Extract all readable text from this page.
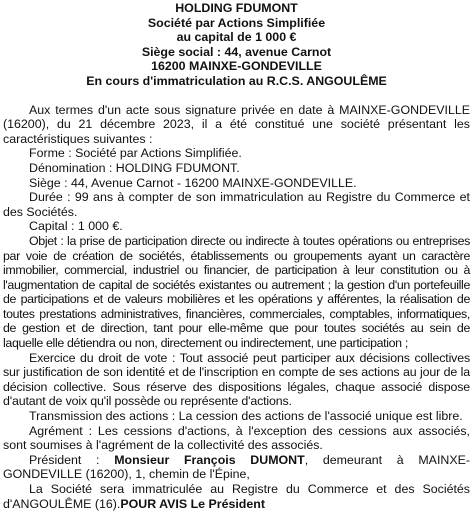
HOLDING FDUMONT
Société par Actions Simplifiée
au capital de 1 000 €
Siège social : 44, avenue Carnot
16200 MAINXE-GONDEVILLE
En cours d'immatriculation au R.C.S. ANGOULÊME

Aux termes d'un acte sous signature privée en date à MAINXE-GONDEVILLE (16200), du 21 décembre 2023, il a été constitué une société présentant les caractéristiques suivantes :

Forme : Société par Actions Simplifiée.

Dénomination : HOLDING FDUMONT.

Siège : 44, Avenue Carnot - 16200 MAINXE-GONDEVILLE.

Durée : 99 ans à compter de son immatriculation au Registre du Commerce et des Sociétés.

Capital : 1 000 €.

Objet : la prise de participation directe ou indirecte à toutes opérations ou entreprises par voie de création de sociétés, établissements ou groupements ayant un caractère immobilier, commercial, industriel ou financier, de participation à leur constitution ou à l'augmentation de capital de sociétés existantes ou autrement ; la gestion d'un portefeuille de participations et de valeurs mobilières et les opérations y afférentes, la réalisation de toutes prestations administratives, financières, commerciales, comptables, informatiques, de gestion et de direction, tant pour elle-même que pour toutes sociétés au sein de laquelle elle détiendra ou non, directement ou indirectement, une participation ;

Exercice du droit de vote : Tout associé peut participer aux décisions collectives sur justification de son identité et de l'inscription en compte de ses actions au jour de la décision collective. Sous réserve des dispositions légales, chaque associé dispose d'autant de voix qu'il possède ou représente d'actions.

Transmission des actions : La cession des actions de l'associé unique est libre.

Agrément : Les cessions d'actions, à l'exception des cessions aux associés, sont soumises à l'agrément de la collectivité des associés.

Président : Monsieur François DUMONT, demeurant à MAINXE-GONDEVILLE (16200), 1, chemin de l'Épine,

La Société sera immatriculée au Registre du Commerce et des Sociétés d'ANGOULÊME (16).POUR AVIS Le Président
